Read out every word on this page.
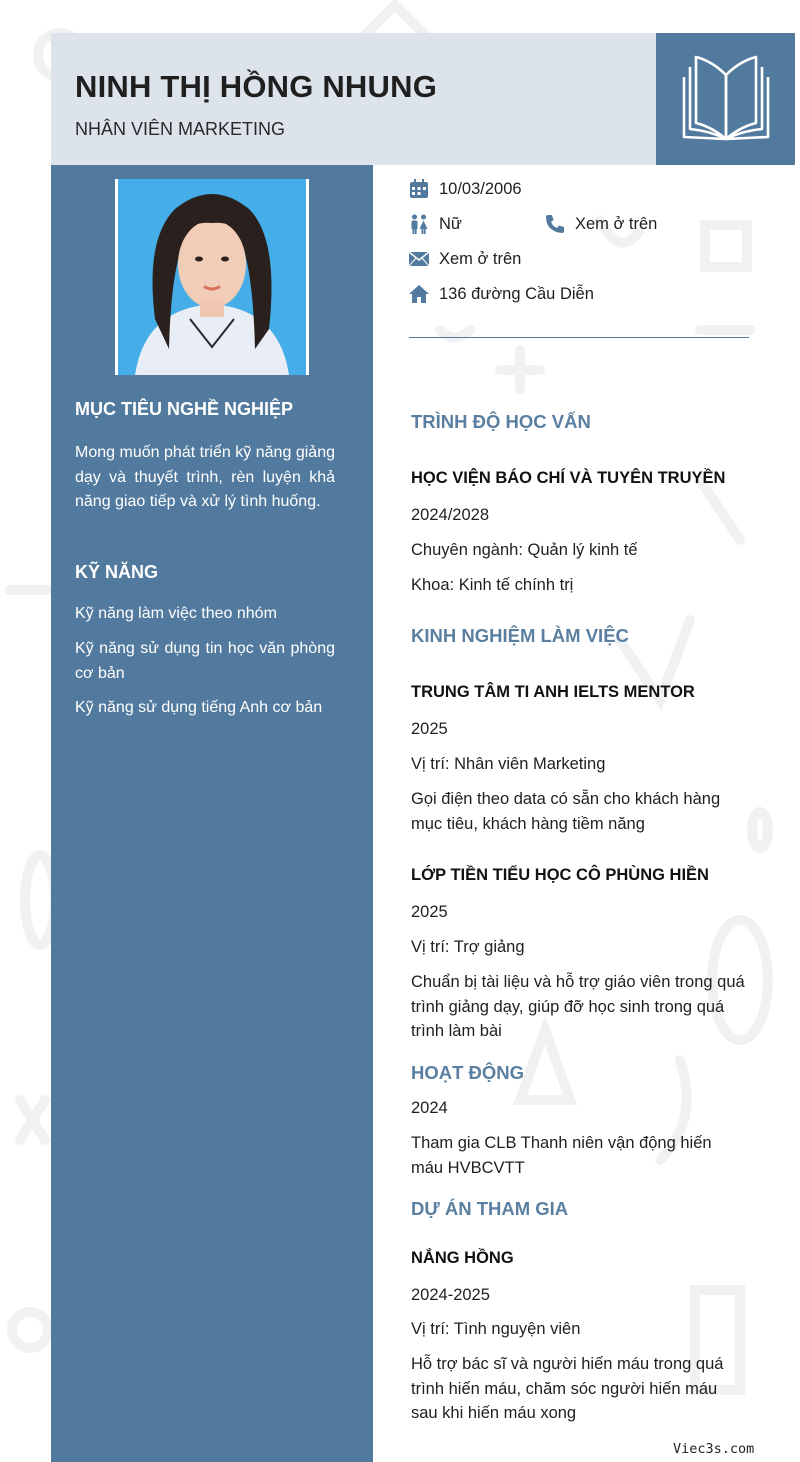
NINH THỊ HỒNG NHUNG
NHÂN VIÊN MARKETING
MỤC TIÊU NGHỀ NGHIỆP

Mong muốn phát triển kỹ năng giảng dạy và thuyết trình, rèn luyện khả năng giao tiếp và xử lý tình huống.

KỸ NĂNG

Kỹ năng làm việc theo nhóm

Kỹ năng sử dụng tin học văn phòng cơ bản

Kỹ năng sử dụng tiếng Anh cơ bản

10/03/2006
Nữ	Xem ở trên
Xem ở trên
136 đường Cầu Diễn
TRÌNH ĐỘ HỌC VẤN

HỌC VIỆN BÁO CHÍ VÀ TUYÊN TRUYỀN

2024/2028

Chuyên ngành: Quản lý kinh tế

Khoa: Kinh tế chính trị

KINH NGHIỆM LÀM VIỆC

TRUNG TÂM TI ANH IELTS MENTOR

2025

Vị trí: Nhân viên Marketing

Gọi điện theo data có sẵn cho khách hàng mục tiêu, khách hàng tiềm năng

LỚP TIỀN TIỂU HỌC CÔ PHÙNG HIỀN

2025

Vị trí: Trợ giảng

Chuẩn bị tài liệu và hỗ trợ giáo viên trong quá trình giảng dạy, giúp đỡ học sinh trong quá trình làm bài

HOẠT ĐỘNG

2024

Tham gia CLB Thanh niên vận động hiến máu HVBCVTT

DỰ ÁN THAM GIA

NẮNG HỒNG

2024-2025

Vị trí: Tình nguyện viên

Hỗ trợ bác sĩ và người hiến máu trong quá trình hiến máu, chăm sóc người hiến máu sau khi hiến máu xong

Viec3s.com
